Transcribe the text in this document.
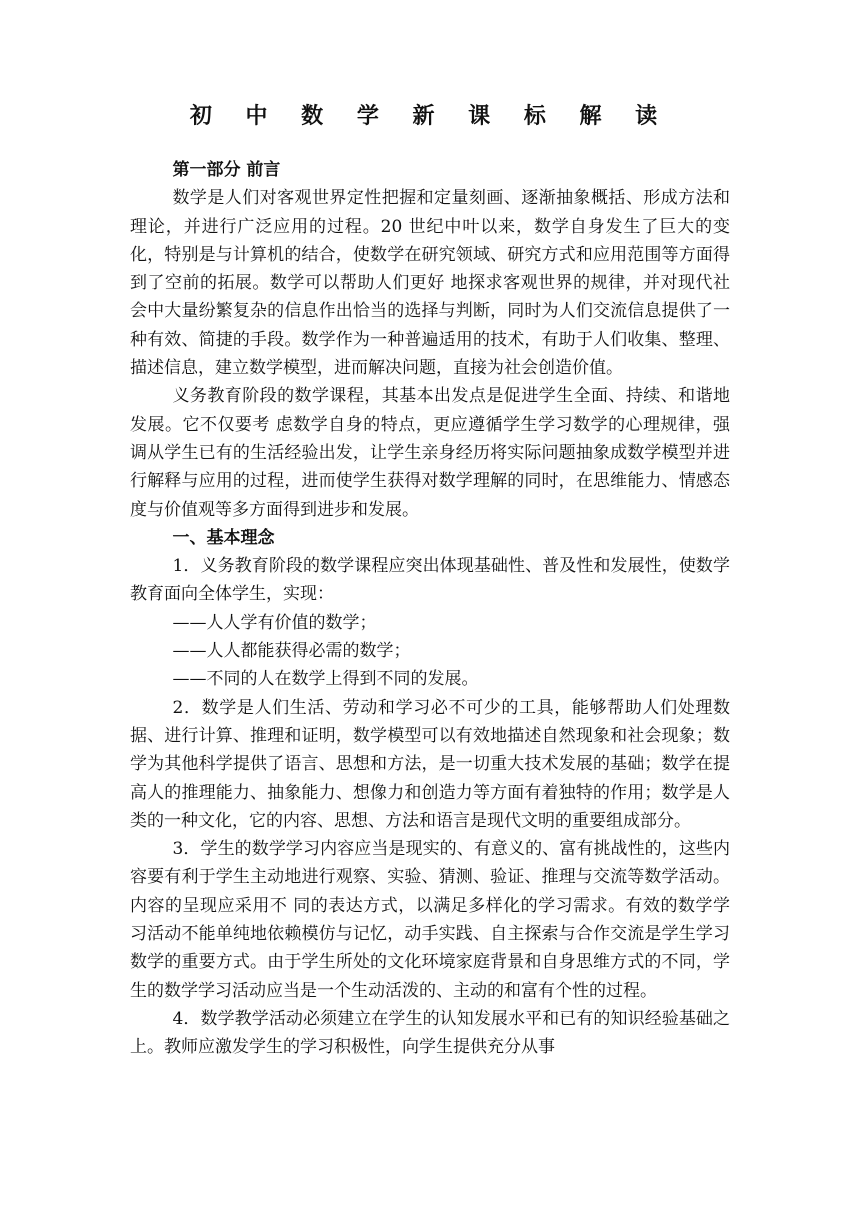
初 中 数 学 新 课 标 解 读

第一部分 前言

数学是人们对客观世界定性把握和定量刻画、逐渐抽象概括、形成方法和理论，并进行广泛应用的过程。20 世纪中叶以来，数学自身发生了巨大的变化，特别是与计算机的结合，使数学在研究领域、研究方式和应用范围等方面得到了空前的拓展。数学可以帮助人们更好 地探求客观世界的规律，并对现代社会中大量纷繁复杂的信息作出恰当的选择与判断，同时为人们交流信息提供了一种有效、简捷的手段。数学作为一种普遍适用的技术，有助于人们收集、整理、描述信息，建立数学模型，进而解决问题，直接为社会创造价值。

义务教育阶段的数学课程，其基本出发点是促进学生全面、持续、和谐地发展。它不仅要考 虑数学自身的特点，更应遵循学生学习数学的心理规律，强调从学生已有的生活经验出发，让学生亲身经历将实际问题抽象成数学模型并进行解释与应用的过程，进而使学生获得对数学理解的同时，在思维能力、情感态度与价值观等多方面得到进步和发展。

一、基本理念

1．义务教育阶段的数学课程应突出体现基础性、普及性和发展性，使数学教育面向全体学生，实现：

——人人学有价值的数学；

——人人都能获得必需的数学；

——不同的人在数学上得到不同的发展。

2．数学是人们生活、劳动和学习必不可少的工具，能够帮助人们处理数据、进行计算、推理和证明，数学模型可以有效地描述自然现象和社会现象；数学为其他科学提供了语言、思想和方法，是一切重大技术发展的基础；数学在提高人的推理能力、抽象能力、想像力和创造力等方面有着独特的作用；数学是人类的一种文化，它的内容、思想、方法和语言是现代文明的重要组成部分。

3．学生的数学学习内容应当是现实的、有意义的、富有挑战性的，这些内容要有利于学生主动地进行观察、实验、猜测、验证、推理与交流等数学活动。内容的呈现应采用不 同的表达方式，以满足多样化的学习需求。有效的数学学习活动不能单纯地依赖模仿与记忆，动手实践、自主探索与合作交流是学生学习数学的重要方式。由于学生所处的文化环境家庭背景和自身思维方式的不同，学生的数学学习活动应当是一个生动活泼的、主动的和富有个性的过程。

4．数学教学活动必须建立在学生的认知发展水平和已有的知识经验基础之上。教师应激发学生的学习积极性，向学生提供充分从事
